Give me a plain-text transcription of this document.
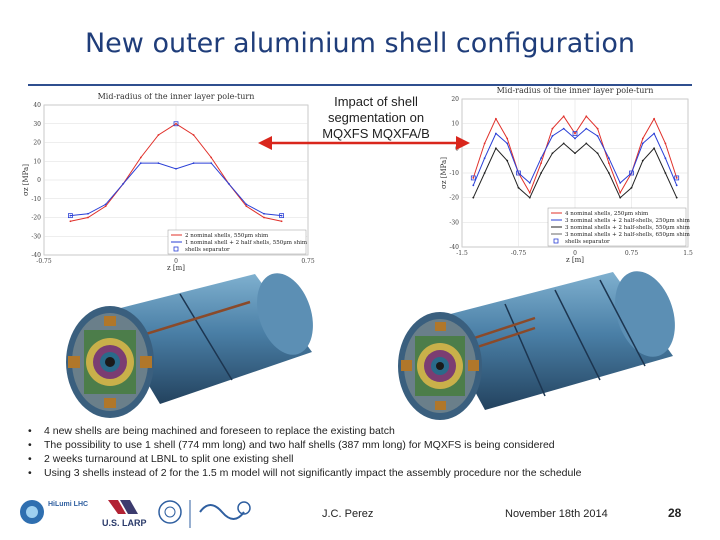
New outer aluminium shell configuration
Mid-radius of the inner layer pole-turn
40
30
20
10
0
-10
-20
-30
-40
-0.75	0	0.75
z [m]
σz [MPa]
2 nominal shells, 550µm shim
1 nominal shell + 2 half shells, 550µm shim
shells separator
Mid-radius of the inner layer pole-turn
20
10
-10
-20
-30
-40
-1.5	-0.75	0	0.75	1.5
z [m]
σz [MPa]
4 nominal shells, 250µm shim
3 nominal shells + 2 half-shells, 250µm shim
3 nominal shells + 2 half-shells, 550µm shim
3 nominal shells + 2 half-shells, 650µm shim
shells separator
Impact of shell segmentation on MQXFS MQXFA/B
• 4 new shells are being machined and foreseen to replace the existing batch
• The possibility to use 1 shell (774 mm long) and two half shells (387 mm long) for MQXFS is being considered
• 2 weeks turnaround at LBNL to split one existing shell
• Using 3 shells instead of 2 for the 1.5 m model will not significantly impact the assembly procedure nor the schedule
HiLumi LHC
U.S. LARP
J.C. Perez	November 18th 2014	28
